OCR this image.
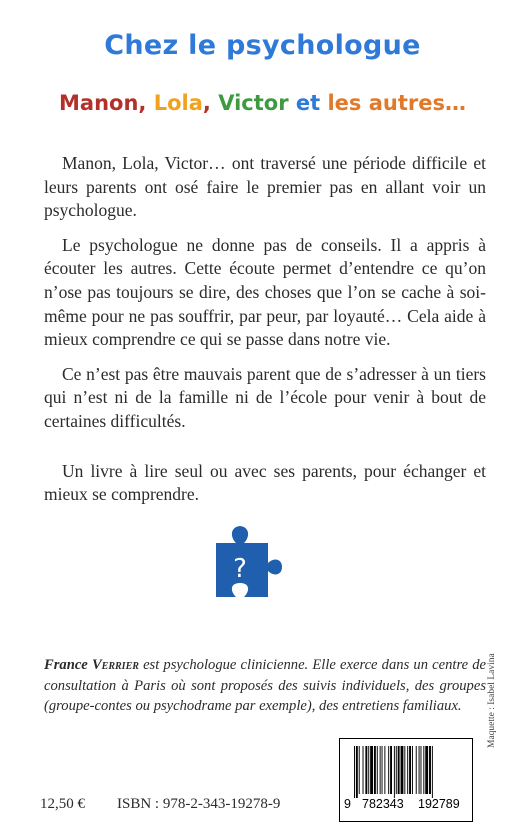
Chez le psychologue
Manon, Lola, Victor et les autres…

Manon, Lola, Victor… ont traversé une période difficile et leurs parents ont osé faire le premier pas en allant voir un psychologue.

Le psychologue ne donne pas de conseils. Il a appris à écouter les autres. Cette écoute permet d’entendre ce qu’on n’ose pas toujours se dire, des choses que l’on se cache à soi-même pour ne pas souffrir, par peur, par loyauté… Cela aide à mieux comprendre ce qui se passe dans notre vie.

Ce n’est pas être mauvais parent que de s’adresser à un tiers qui n’est ni de la famille ni de l’école pour venir à bout de certaines difficultés.

Un livre à lire seul ou avec ses parents, pour échanger et mieux se comprendre.

?
France Verrier est psychologue clinicienne. Elle exerce dans un centre de consultation à Paris où sont proposés des suivis individuels, des groupes (groupe-contes ou psychodrame par exemple), des entretiens familiaux.	Maquette : Isabel Lavina
12,50 € ISBN : 978-2-343-19278-9	9 782343 192789
